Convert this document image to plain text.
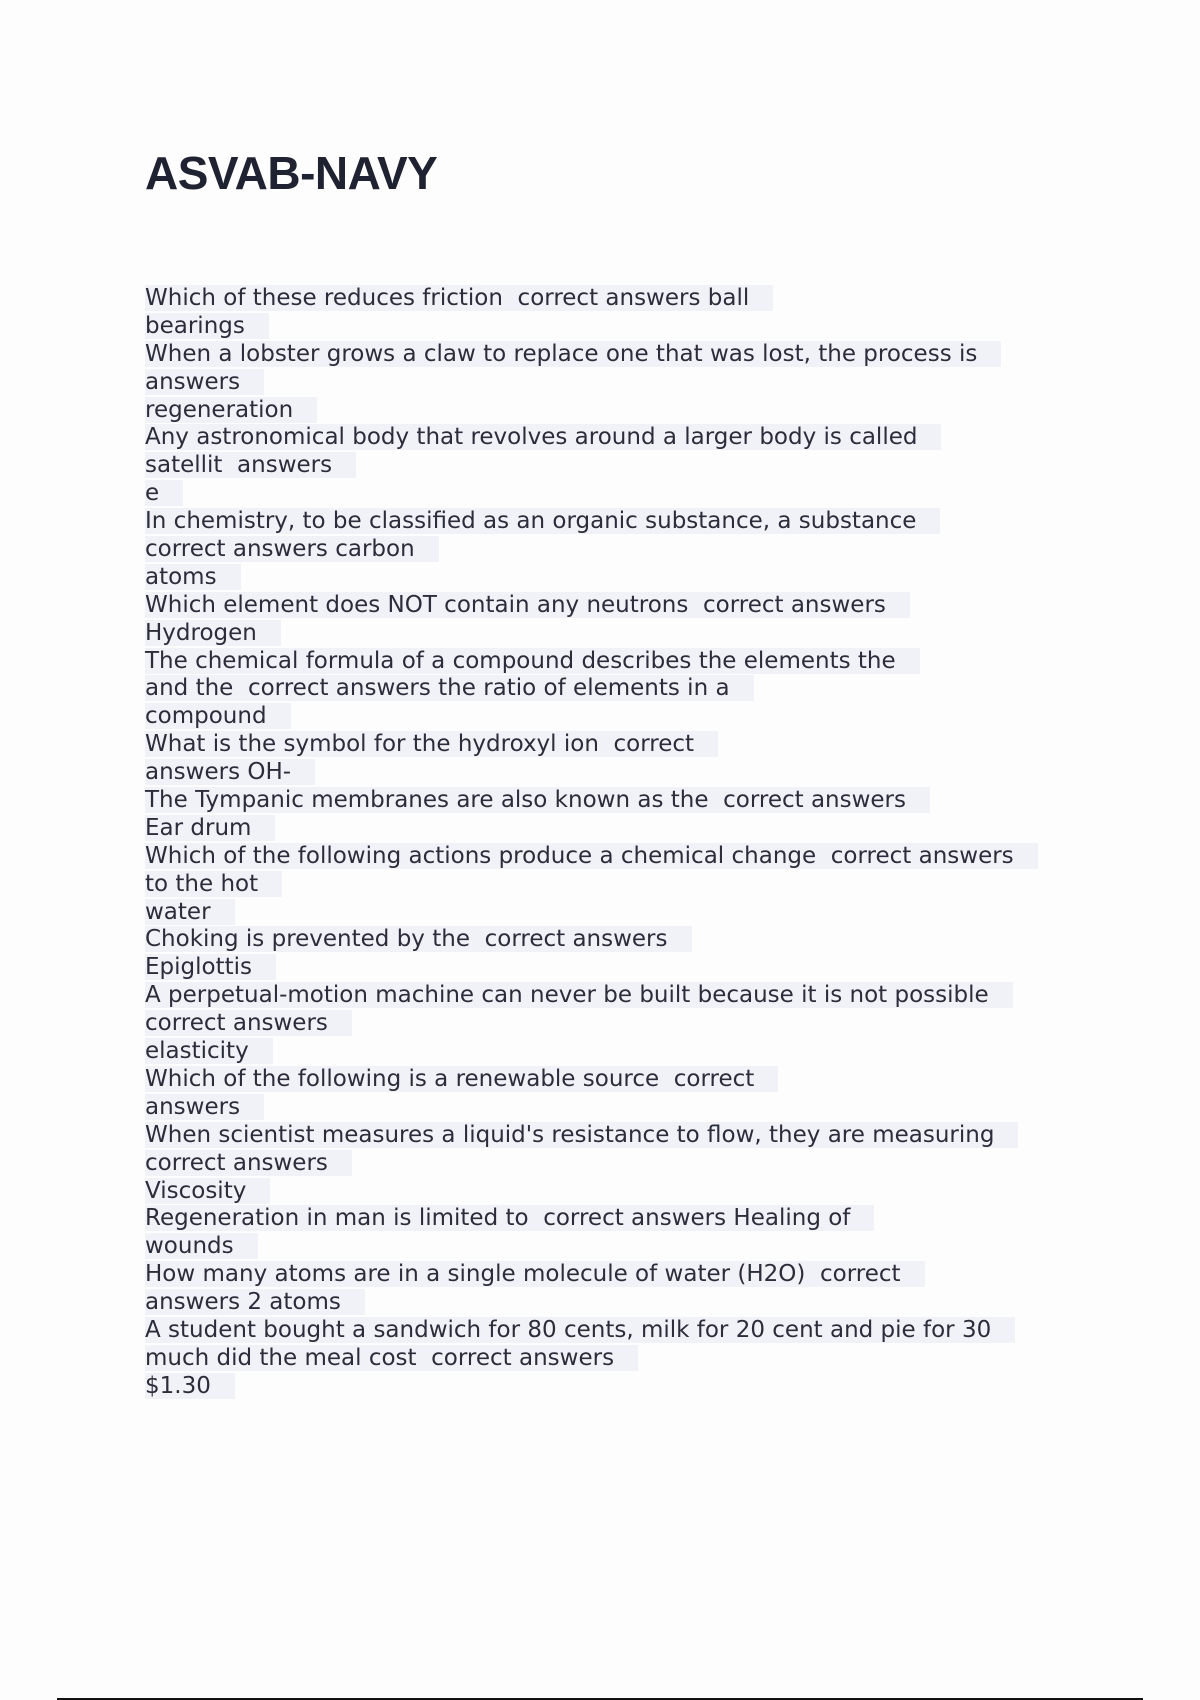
ASVAB-NAVY
Which of these reduces friction  correct answers ball
bearings
When a lobster grows a claw to replace one that was lost, the process is
answers
regeneration
Any astronomical body that revolves around a larger body is called
satellit  answers
e
In chemistry, to be classified as an organic substance, a substance
correct answers carbon
atoms
Which element does NOT contain any neutrons  correct answers
Hydrogen
The chemical formula of a compound describes the elements the
and the  correct answers the ratio of elements in a
compound
What is the symbol for the hydroxyl ion  correct
answers OH-
The Tympanic membranes are also known as the  correct answers
Ear drum
Which of the following actions produce a chemical change  correct answers
to the hot
water
Choking is prevented by the  correct answers
Epiglottis
A perpetual-motion machine can never be built because it is not possible
correct answers
elasticity
Which of the following is a renewable source  correct
answers
When scientist measures a liquid's resistance to flow, they are measuring
correct answers
Viscosity
Regeneration in man is limited to  correct answers Healing of
wounds
How many atoms are in a single molecule of water (H2O)  correct
answers 2 atoms
A student bought a sandwich for 80 cents, milk for 20 cent and pie for 30
much did the meal cost  correct answers
$1.30
